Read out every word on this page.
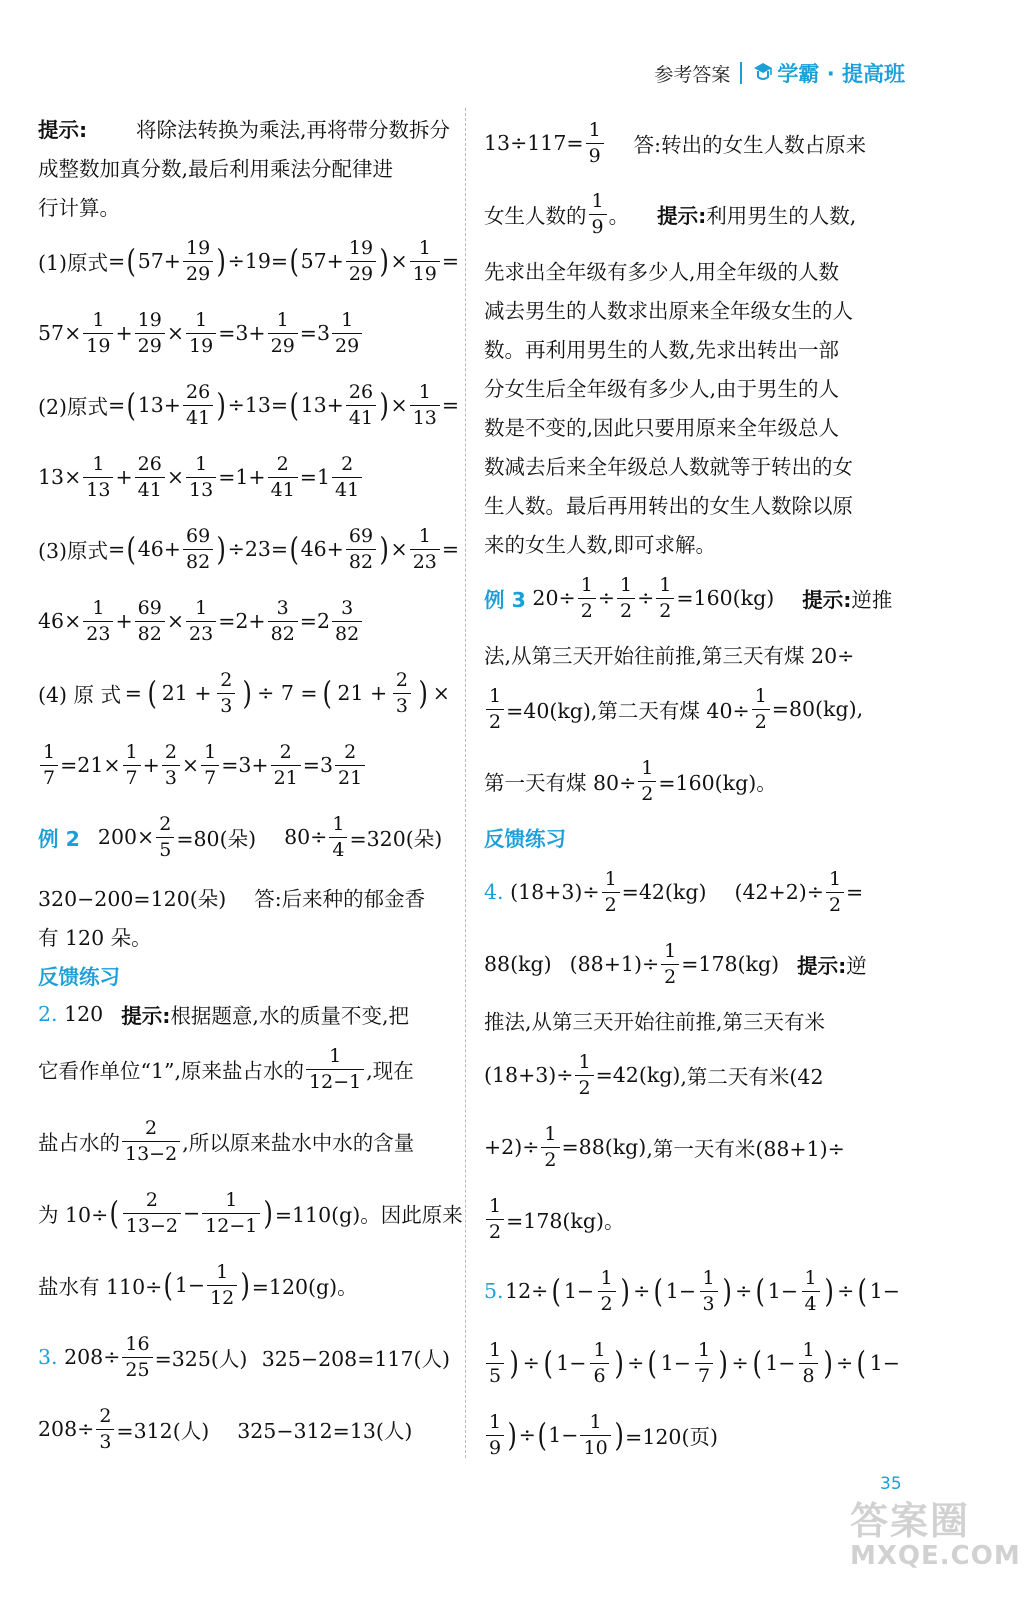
参考答案 学霸 · 提高班
提示: 将除法转换为乘法,再将带分数拆分
成整数加真分数,最后利用乘法分配律进
行计算。
(1)原式 = ( $57+ \frac{19}{29}$ ) ÷19= ( $57+ \frac{19}{29}$ ) × $\frac{1}{19}$ =
$57\times \frac{1}{19} + \frac{19}{29} \times \frac{1}{19} =3+ \frac{1}{29} =3 \frac{1}{29}$
(2)原式 = ( $13+ \frac{26}{41}$ ) ÷13= ( $13+ \frac{26}{41}$ ) × $\frac{1}{13}$ =
$13\times \frac{1}{13} + \frac{26}{41} \times \frac{1}{13} =1+ \frac{2}{41} =1 \frac{2}{41}$
(3)原式 = ( $46+ \frac{69}{82}$ ) ÷23= ( $46+ \frac{69}{82}$ ) × $\frac{1}{23}$ =
$46\times \frac{1}{23} + \frac{69}{82} \times \frac{1}{23} =2+ \frac{3}{82} =2 \frac{3}{82}$
(4) 原 式 = ( $21 + \frac{2}{3}$ ) ÷ 7 = ( $21 + \frac{2}{3}$ ) ×
$\frac{1}{7} =21\times \frac{1}{7} + \frac{2}{3} \times \frac{1}{7} =3+ \frac{2}{21} =3 \frac{2}{21}$
例 2 $200\times \frac{2}{5} =80$(朵) $80\div \frac{1}{4} =320$(朵)
320−200=120(朵) 答:后来种的郁金香
有 120 朵。
反馈练习
2.
120 提示: 根据题意,水的质量不变,把
它看作单位“1”,原来盐占水的 $\frac{1}{12-1}$ ,现在
盐占水的 $\frac{2}{13-2}$ ,所以原来盐水中水的含量
为 10÷ ( $\frac{2}{13-2} - \frac{1}{12-1}$ ) =110(g)。因此原来
盐水有 110÷ ( $1- \frac{1}{12}$ ) =120(g)。
3. $208\div \frac{16}{25} =325$(人) 325−208=117(人)
$208\div \frac{2}{3} =312$(人) 325−312=13(人)
$13\div 117= \frac{1}{9}$ 答:转出的女生人数占原来
女生人数的 $\frac{1}{9}$ 。 提示: 利用男生的人数,
先求出全年级有多少人,用全年级的人数
减去男生的人数求出原来全年级女生的人
数。再利用男生的人数,先求出转出一部
分女生后全年级有多少人,由于男生的人
数是不变的,因此只要用原来全年级总人
数减去后来全年级总人数就等于转出的女
生人数。最后再用转出的女生人数除以原
来的女生人数,即可求解。
例 3 $20\div \frac{1}{2} \div \frac{1}{2} \div \frac{1}{2} =160(kg)$ 提示: 逆推
法,从第三天开始往前推,第三天有煤 20÷
$\frac{1}{2} =40(kg)$,第二天有煤 $40\div \frac{1}{2} =80(kg)$,
第一天有煤 $80\div \frac{1}{2} =160(kg)$。
反馈练习
4. $(18+3)\div \frac{1}{2} =42(kg)$ $(42+2)\div \frac{1}{2}$ =
88(kg) $(88+1)\div \frac{1}{2} =178(kg)$ 提示: 逆
推法,从第三天开始往前推,第三天有米
$(18+3)\div \frac{1}{2} =42(kg)$ ,第二天有米(42
$+2)\div \frac{1}{2} =88(kg)$ ,第一天有米(88+1)÷
$\frac{1}{2} =178(kg)$。
5. 12÷ ( $1- \frac{1}{2}$ ) ÷ ( $1- \frac{1}{3}$ ) ÷ ( $1- \frac{1}{4}$ ) ÷ ( 1−
$\frac{1}{5}$ ) ÷ ( $1- \frac{1}{6}$ ) ÷ ( $1- \frac{1}{7}$ ) ÷ ( $1- \frac{1}{8}$ ) ÷ ( 1−
$\frac{1}{9}$ ) ÷ ( $1- \frac{1}{10}$ ) =120(页)
35
答案圈
MXQE.COM
